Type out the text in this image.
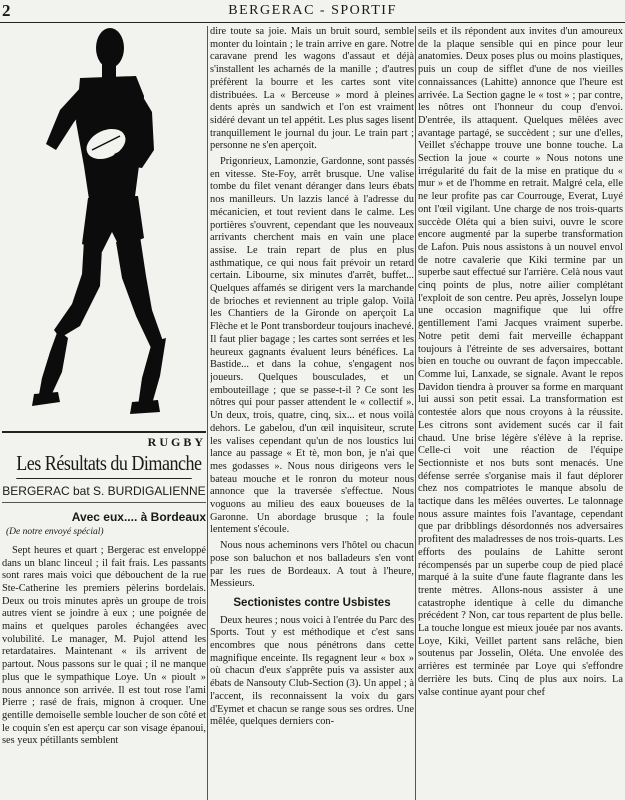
2	BERGERAC - SPORTIF
RUGBY
Les Résultats du Dimanche
BERGERAC bat S. BURDIGALIENNE
Avec eux.... à Bordeaux
(De notre envoyé spécial)

Sept heures et quart ; Bergerac est enveloppé dans un blanc linceul ; il fait frais. Les passants sont rares mais voici que débouchent de la rue Ste-Catherine les premiers pèlerins bordelais. Deux ou trois minutes après un groupe de trois autres vient se joindre à eux ; une poignée de mains et quelques paroles échangées avec volubilité. Le manager, M. Pujol attend les retardataires. Maintenant « ils arrivent de partout. Nous passons sur le quai ; il ne manque plus que le sympathique Loye. Un « pioult » nous annonce son arrivée. Il est tout rose l'ami Pierre ; rasé de frais, mignon à croquer. Une gentille demoiselle semble loucher de son côté et le coquin s'en est aperçu car son visage épanoui, ses yeux pétillants semblent

dire toute sa joie. Mais un bruit sourd, semble monter du lointain ; le train arrive en gare. Notre caravane prend les wagons d'assaut et déjà s'installent les acharnés de la manille ; d'autres préfèrent la bourre et les cartes sont vite distribuées. La « Berceuse » mord à pleines dents après un sandwich et l'on est vraiment sidéré devant un tel appétit. Les plus sages lisent tranquillement le journal du jour. Le train part ; personne ne s'en aperçoit.

Prigonrieux, Lamonzie, Gardonne, sont passés en vitesse. Ste-Foy, arrêt brusque. Une valise tombe du filet venant déranger dans leurs ébats nos manilleurs. Un lazzis lancé à l'adresse du mécanicien, et tout revient dans le calme. Les portières s'ouvrent, cependant que les nouveaux arrivants cherchent mais en vain une place assise. Le train repart de plus en plus asthmatique, ce qui nous fait prévoir un retard certain. Libourne, six minutes d'arrêt, buffet... Quelques affamés se dirigent vers la marchande de brioches et reviennent au triple galop. Voilà les Chantiers de la Gironde on aperçoit La Flèche et le Pont transbordeur toujours inachevé. Il faut plier bagage ; les cartes sont serrées et les heureux gagnants évaluent leurs bénéfices. La Bastide... et dans la cohue, s'engagent nos joueurs. Quelques bousculades, et un embouteillage ; que se passe-t-il ? Ce sont les nôtres qui pour passer attendent le « collectif ». Un deux, trois, quatre, cinq, six... et nous voilà dehors. Le gabelou, d'un œil inquisiteur, scrute les valises cependant qu'un de nos loustics lui lance au passage « Et tè, mon bon, je n'ai que mes godasses ». Nous nous dirigeons vers le bateau mouche et le ronron du moteur nous annonce que la traversée s'effectue. Nous voguons au milieu des eaux boueuses de la Garonne. Un abordage brusque ; la foule lentement s'écoule.

Nous nous acheminons vers l'hôtel ou chacun pose son baluchon et nos balladeurs s'en vont par les rues de Bordeaux. A tout à l'heure, Messieurs.

Sectionistes contre Usbistes

Deux heures ; nous voici à l'entrée du Parc des Sports. Tout y est méthodique et c'est sans encombres que nous pénétrons dans cette magnifique enceinte. Ils regagnent leur « box » où chacun d'eux s'apprête puis va assister aux ébats de Nansouty Club-Section (3). Un appel ; à l'accent, ils reconnaissent la voix du gars d'Eymet et chacun se range sous ses ordres. Une mêlée, quelques derniers con-

seils et ils répondent aux invites d'un amoureux de la plaque sensible qui en pince pour leur anatomies. Deux poses plus ou moins plastiques, puis un coup de sifflet d'une de nos vieilles connaissances (Lahitte) annonce que l'heure est arrivée. La Section gagne le « tost » ; par contre, les nôtres ont l'honneur du coup d'envoi. D'entrée, ils attaquent. Quelques mêlées avec avantage partagé, se succèdent ; sur une d'elles, Veillet s'échappe trouve une bonne touche. La Section la joue « courte » Nous notons une irrégularité du fait de la mise en pratique du « mur » et de l'homme en retrait. Malgré cela, elle ne leur profite pas car Courrouge, Everat, Luyé ont l'œil vigilant. Une charge de nos trois-quarts succède Oléta qui a bien suivi, ouvre le score encore augmenté par la superbe transformation de Lafon. Puis nous assistons à un nouvel envol de notre cavalerie que Kiki termine par un superbe saut effectué sur l'arrière. Celà nous vaut cinq points de plus, notre ailier complétant l'exploit de son centre. Peu après, Josselyn loupe une occasion magnifique que lui offre gentillement l'ami Jacques vraiment superbe. Notre petit demi fait merveille échappant toujours à l'étreinte de ses adversaires, bottant bien en touche ou ouvrant de façon impeccable. Comme lui, Lanxade, se signale. Avant le repos Davidon tiendra à prouver sa forme en marquant lui aussi son petit essai. La transformation est contestée alors que nous croyons à la réussite. Les citrons sont avidement sucés car il fait chaud. Une brise légère s'élève à la reprise. Celle-ci voit une réaction de l'équipe Sectionniste et nos buts sont menacés. Une défense serrée s'organise mais il faut déplorer chez nos compatriotes le manque absolu de tactique dans les mêlées ouvertes. Le talonnage nous assure maintes fois l'avantage, cependant que par dribblings désordonnés nos adversaires profitent des maladresses de nos trois-quarts. Les efforts des poulains de Lahitte seront récompensés par un superbe coup de pied placé marqué à la suite d'une faute flagrante dans les trente mètres. Allons-nous assister à une catastrophe identique à celle du dimanche précédent ? Non, car tous repartent de plus belle. La touche longue est mieux jouée par nos avants. Loye, Kiki, Veillet partent sans relâche, bien soutenus par Josselin, Oléta. Une envolée des arrières est terminée par Loye qui s'effondre derrière les buts. Cinq de plus aux noirs. La valse continue ayant pour chef
